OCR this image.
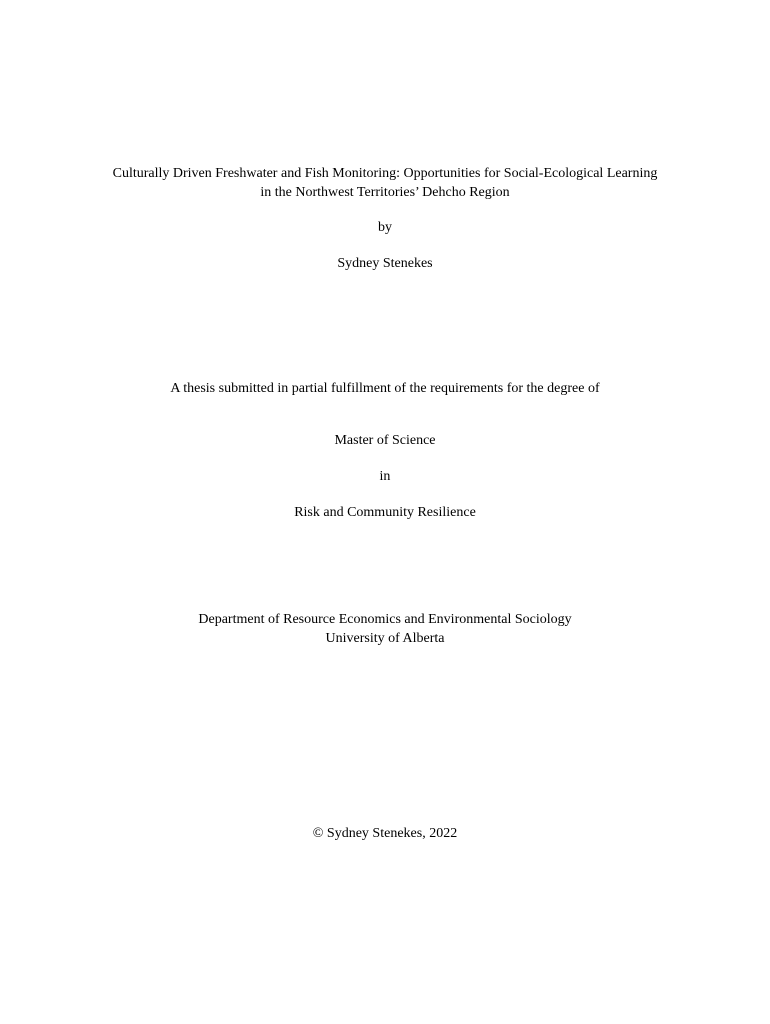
Culturally Driven Freshwater and Fish Monitoring: Opportunities for Social-Ecological Learning
in the Northwest Territories’ Dehcho Region
by
Sydney Stenekes
A thesis submitted in partial fulfillment of the requirements for the degree of
Master of Science
in
Risk and Community Resilience
Department of Resource Economics and Environmental Sociology
University of Alberta
© Sydney Stenekes, 2022
